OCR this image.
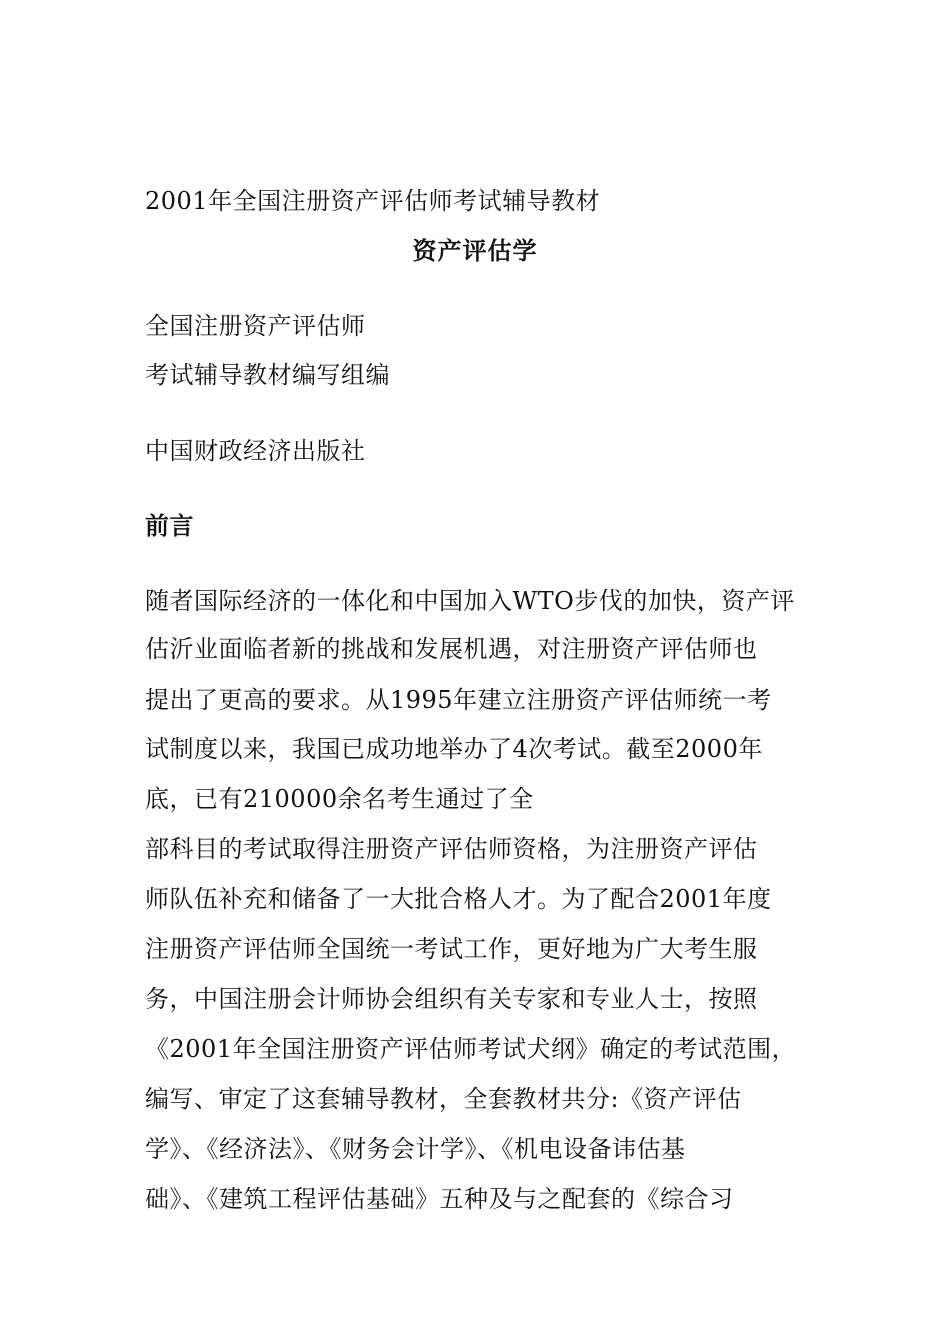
2001年全国注册资产评估师考试辅导教材
资产评估学
全国注册资产评估师
考试辅导教材编写组编
中国财政经济出版社
前言
随者国际经济的一体化和中国加入WTO步伐的加快，资产评
估沂业面临者新的挑战和发展机遇，对注册资产评估师也
提出了更高的要求。从1995年建立注册资产评估师统一考
试制度以来，我国已成功地举办了4次考试。截至2000年
底，已有210000余名考生通过了全
部科目的考试取得注册资产评估师资格，为注册资产评估
师队伍补充和储备了一大批合格人才。为了配合2001年度
注册资产评估师全国统一考试工作，更好地为广大考生服
务，中国注册会计师协会组织有关专家和专业人士，按照
《2001年全国注册资产评估师考试犬纲》确定的考试范围，
编写、审定了这套辅导教材，全套教材共分:《资产评估
学》、《经济法》、《财务会计学》、《机电设备讳估基
础》、《建筑工程评估基础》五种及与之配套的《综合习
